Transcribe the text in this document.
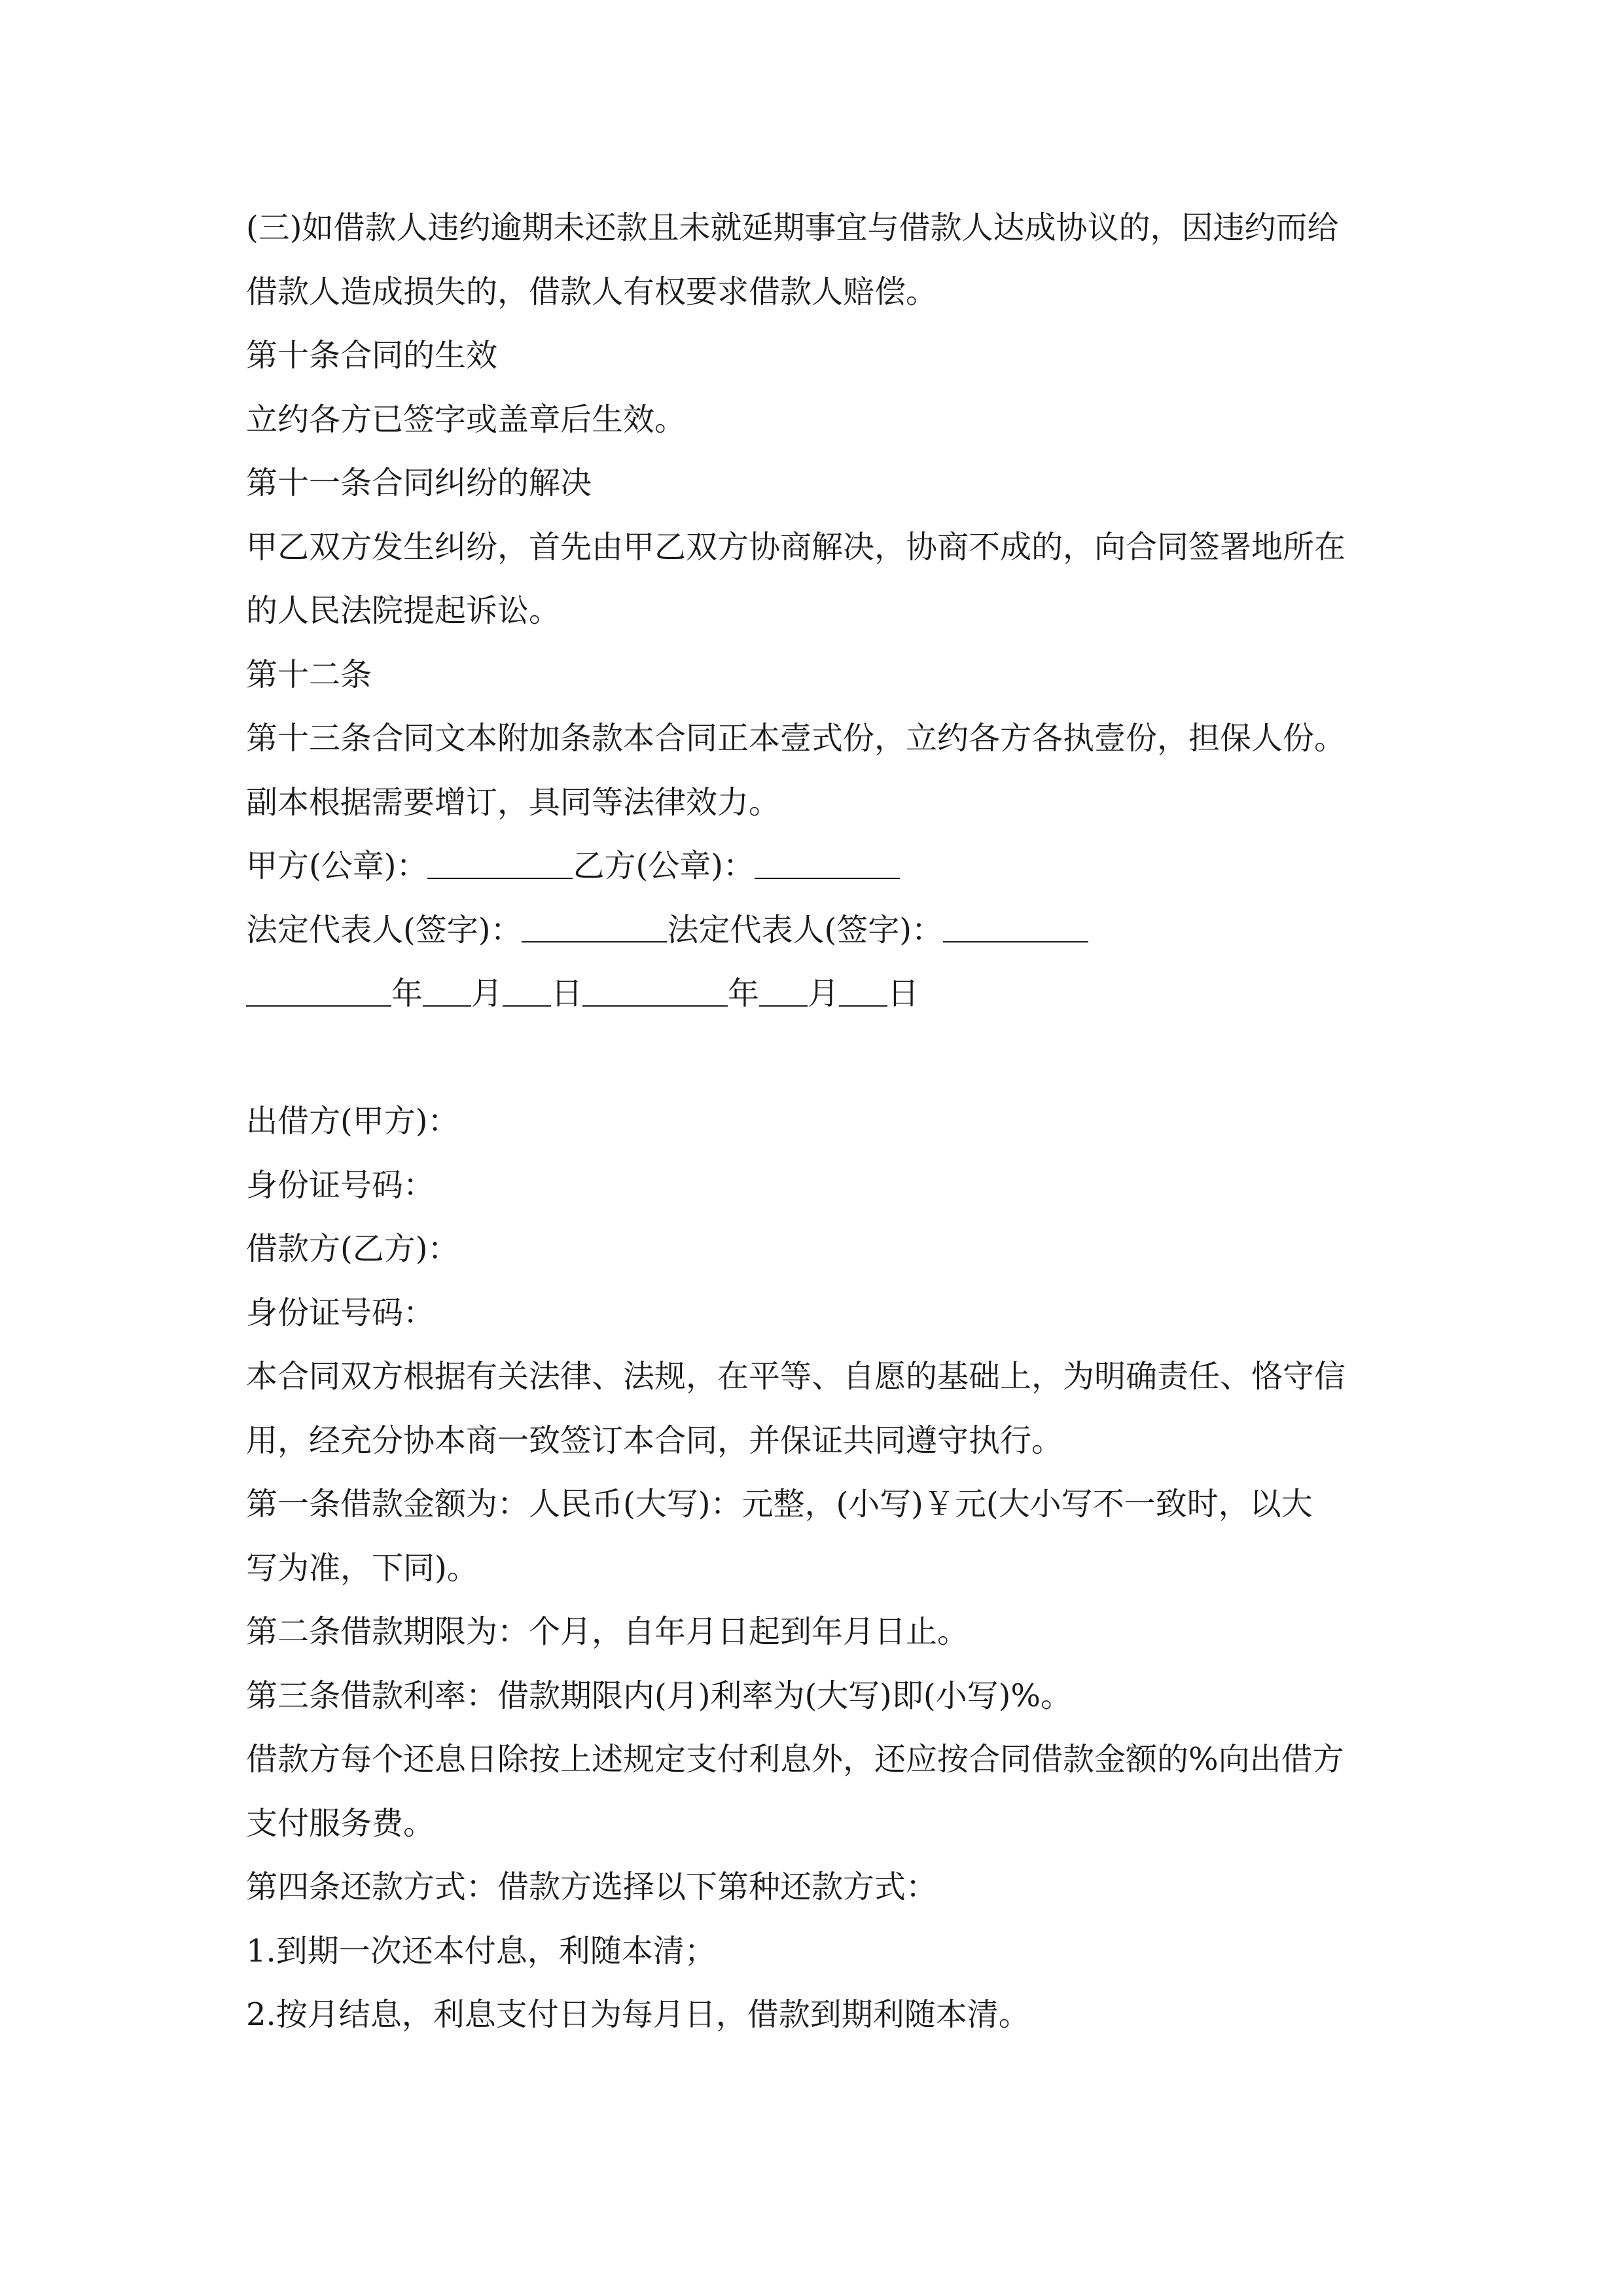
(三)如借款人违约逾期未还款且未就延期事宜与借款人达成协议的，因违约而给
借款人造成损失的，借款人有权要求借款人赔偿。
第十条合同的生效
立约各方已签字或盖章后生效。
第十一条合同纠纷的解决
甲乙双方发生纠纷，首先由甲乙双方协商解决，协商不成的，向合同签署地所在
的人民法院提起诉讼。
第十二条
第十三条合同文本附加条款本合同正本壹式份，立约各方各执壹份，担保人份。
副本根据需要增订，具同等法律效力。
甲方(公章)：	乙方(公章)：
法定代表人(签字)：	法定代表人(签字)：
年 月 日	年 月 日
出借方(甲方)：
身份证号码：
借款方(乙方)：
身份证号码：
本合同双方根据有关法律、法规，在平等、自愿的基础上，为明确责任、恪守信
用，经充分协本商一致签订本合同，并保证共同遵守执行。
第一条借款金额为：人民币(大写)：元整，(小写)￥元(大小写不一致时，以大
写为准，下同)。
第二条借款期限为：个月，自年月日起到年月日止。
第三条借款利率：借款期限内(月)利率为(大写)即(小写)%。
借款方每个还息日除按上述规定支付利息外，还应按合同借款金额的%向出借方
支付服务费。
第四条还款方式：借款方选择以下第种还款方式：
1.到期一次还本付息，利随本清；
2.按月结息，利息支付日为每月日，借款到期利随本清。
